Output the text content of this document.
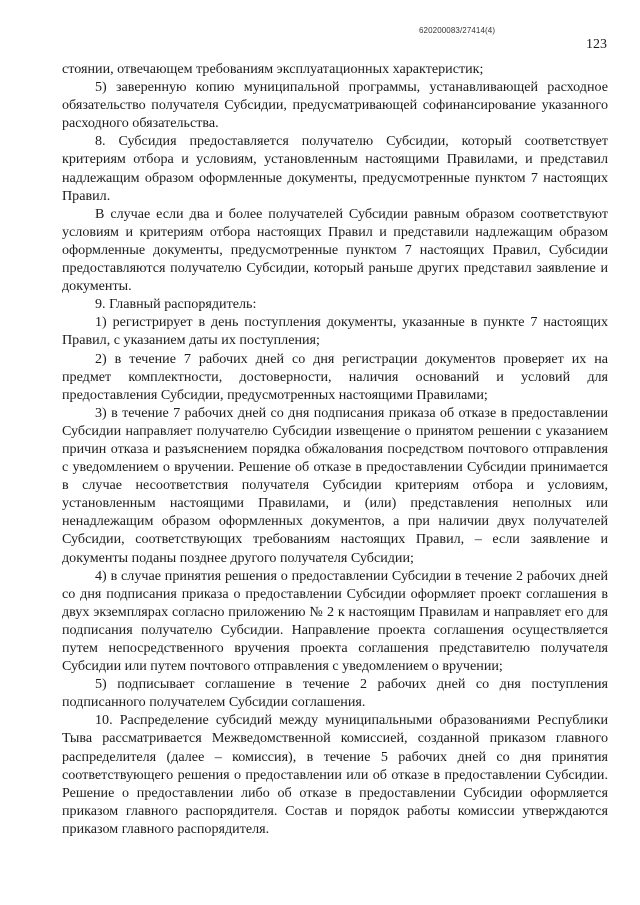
620200083/27414(4)
123

стоянии, отвечающем требованиям эксплуатационных характеристик;

5) заверенную копию муниципальной программы, устанавливающей расходное обязательство получателя Субсидии, предусматривающей софинансирование указанного расходного обязательства.

8. Субсидия предоставляется получателю Субсидии, который соответствует критериям отбора и условиям, установленным настоящими Правилами, и представил надлежащим образом оформленные документы, предусмотренные пунктом 7 настоящих Правил.

В случае если два и более получателей Субсидии равным образом соответствуют условиям и критериям отбора настоящих Правил и представили надлежащим образом оформленные документы, предусмотренные пунктом 7 настоящих Правил, Субсидии предоставляются получателю Субсидии, который раньше других представил заявление и документы.

9. Главный распорядитель:

1) регистрирует в день поступления документы, указанные в пункте 7 настоящих Правил, с указанием даты их поступления;

2) в течение 7 рабочих дней со дня регистрации документов проверяет их на предмет комплектности, достоверности, наличия оснований и условий для предоставления Субсидии, предусмотренных настоящими Правилами;

3) в течение 7 рабочих дней со дня подписания приказа об отказе в предоставлении Субсидии направляет получателю Субсидии извещение о принятом решении с указанием причин отказа и разъяснением порядка обжалования посредством почтового отправления с уведомлением о вручении. Решение об отказе в предоставлении Субсидии принимается в случае несоответствия получателя Субсидии критериям отбора и условиям, установленным настоящими Правилами, и (или) представления неполных или ненадлежащим образом оформленных документов, а при наличии двух получателей Субсидии, соответствующих требованиям настоящих Правил, – если заявление и документы поданы позднее другого получателя Субсидии;

4) в случае принятия решения о предоставлении Субсидии в течение 2 рабочих дней со дня подписания приказа о предоставлении Субсидии оформляет проект соглашения в двух экземплярах согласно приложению № 2 к настоящим Правилам и направляет его для подписания получателю Субсидии. Направление проекта соглашения осуществляется путем непосредственного вручения проекта соглашения представителю получателя Субсидии или путем почтового отправления с уведомлением о вручении;

5) подписывает соглашение в течение 2 рабочих дней со дня поступления подписанного получателем Субсидии соглашения.

10. Распределение субсидий между муниципальными образованиями Республики Тыва рассматривается Межведомственной комиссией, созданной приказом главного распределителя (далее – комиссия), в течение 5 рабочих дней со дня принятия соответствующего решения о предоставлении или об отказе в предоставлении Субсидии. Решение о предоставлении либо об отказе в предоставлении Субсидии оформляется приказом главного распорядителя. Состав и порядок работы комиссии утверждаются приказом главного распорядителя.
